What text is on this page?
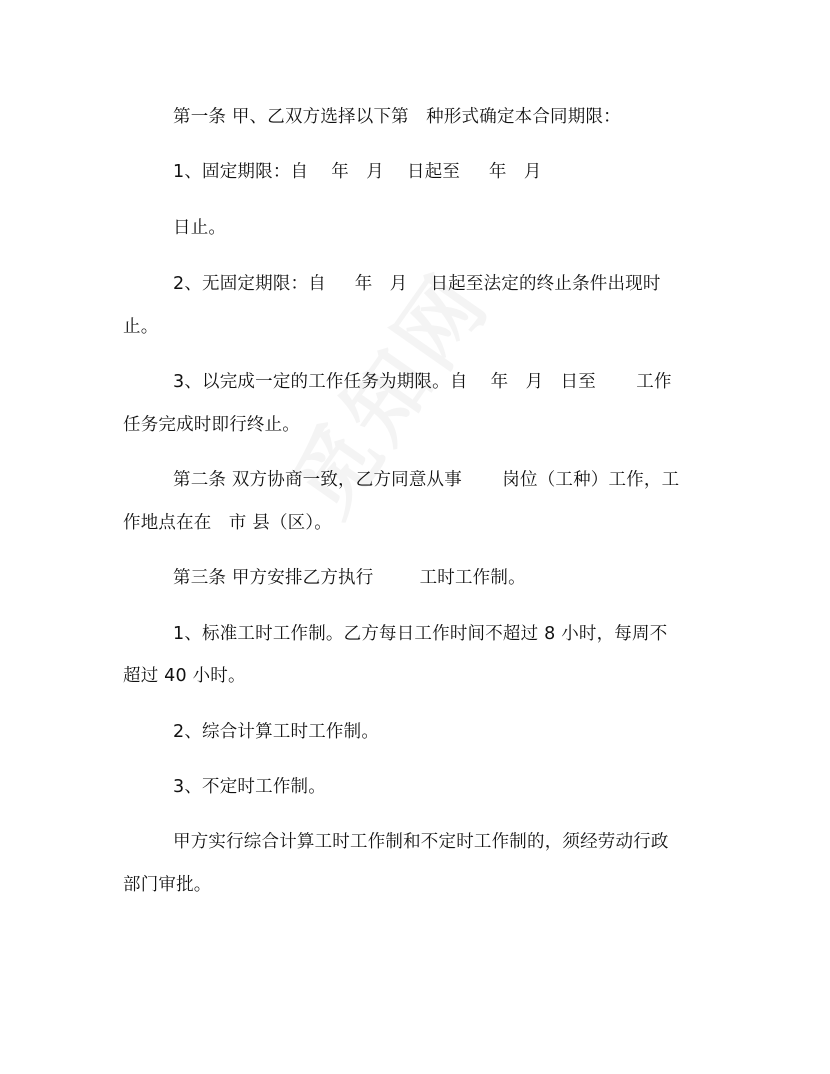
第一条 甲、乙双方选择以下第   种形式确定本合同期限：
1、固定期限：自    年   月    日起至     年   月
日止。
2、无固定期限：自     年   月    日起至法定的终止条件出现时
止。
3、以完成一定的工作任务为期限。自    年   月   日至       工作
任务完成时即行终止。
第二条 双方协商一致，乙方同意从事       岗位（工种）工作，工
作地点在在   市 县（区）。
第三条 甲方安排乙方执行        工时工作制。
1、标准工时工作制。乙方每日工作时间不超过 8 小时，每周不
超过 40 小时。
2、综合计算工时工作制。
3、不定时工作制。
甲方实行综合计算工时工作制和不定时工作制的，须经劳动行政
部门审批。
